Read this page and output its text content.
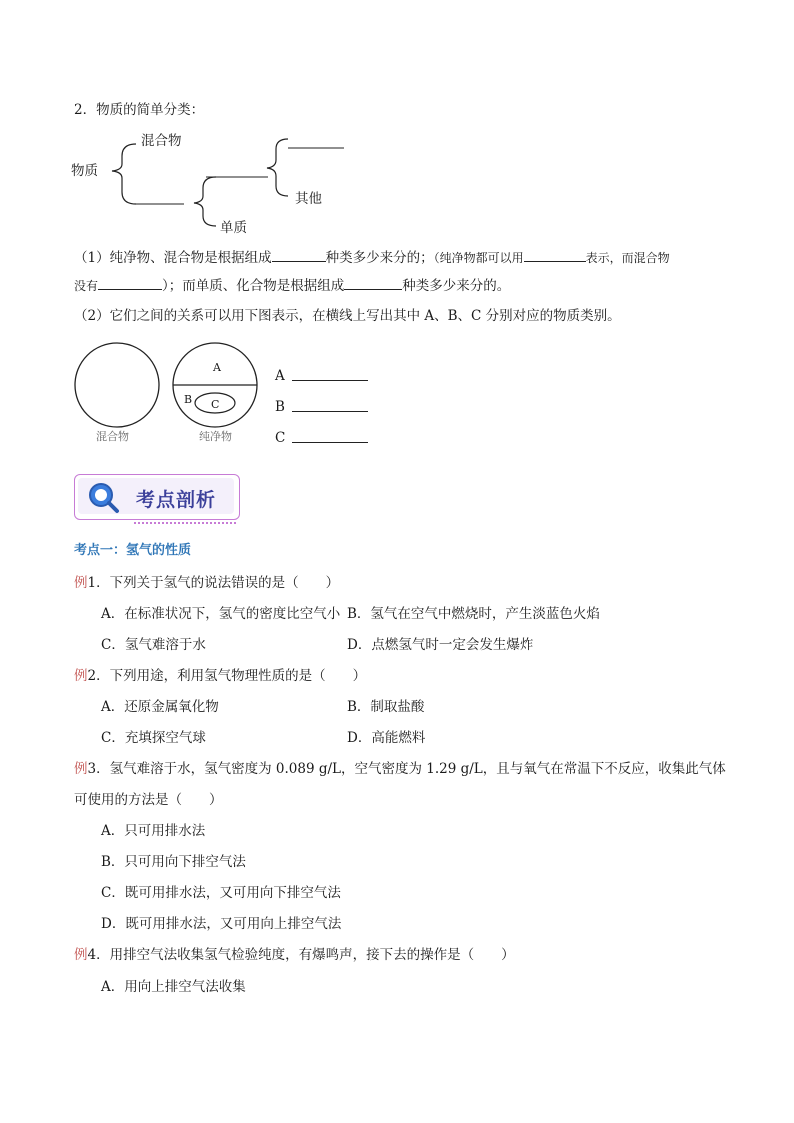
2．物质的简单分类：
混合物
物质
其他
单质
（1）纯净物、混合物是根据组成	种类多少来分的；（纯净物都可以用	表示，而混合物
没有	）；而单质、化合物是根据组成	种类多少来分的。
（2）它们之间的关系可以用下图表示，在横线上写出其中 A、B、C 分别对应的物质类别。
A
B C
混合物	纯净物
A
B
C
考点剖析
考点一：氢气的性质
例1．下列关于氢气的说法错误的是（　　）
A．在标准状况下，氢气的密度比空气小 B．氢气在空气中燃烧时，产生淡蓝色火焰
C．氢气难溶于水	D．点燃氢气时一定会发生爆炸
例2．下列用途，利用氢气物理性质的是（　　）
A．还原金属氧化物	B．制取盐酸
C．充填探空气球	D．高能燃料
例3．氢气难溶于水，氢气密度为 0.089 g/L，空气密度为 1.29 g/L，且与氧气在常温下不反应，收集此气体
可使用的方法是（　　）
A．只可用排水法
B．只可用向下排空气法
C．既可用排水法，又可用向下排空气法
D．既可用排水法，又可用向上排空气法
例4．用排空气法收集氢气检验纯度，有爆鸣声，接下去的操作是（　　）
A．用向上排空气法收集
